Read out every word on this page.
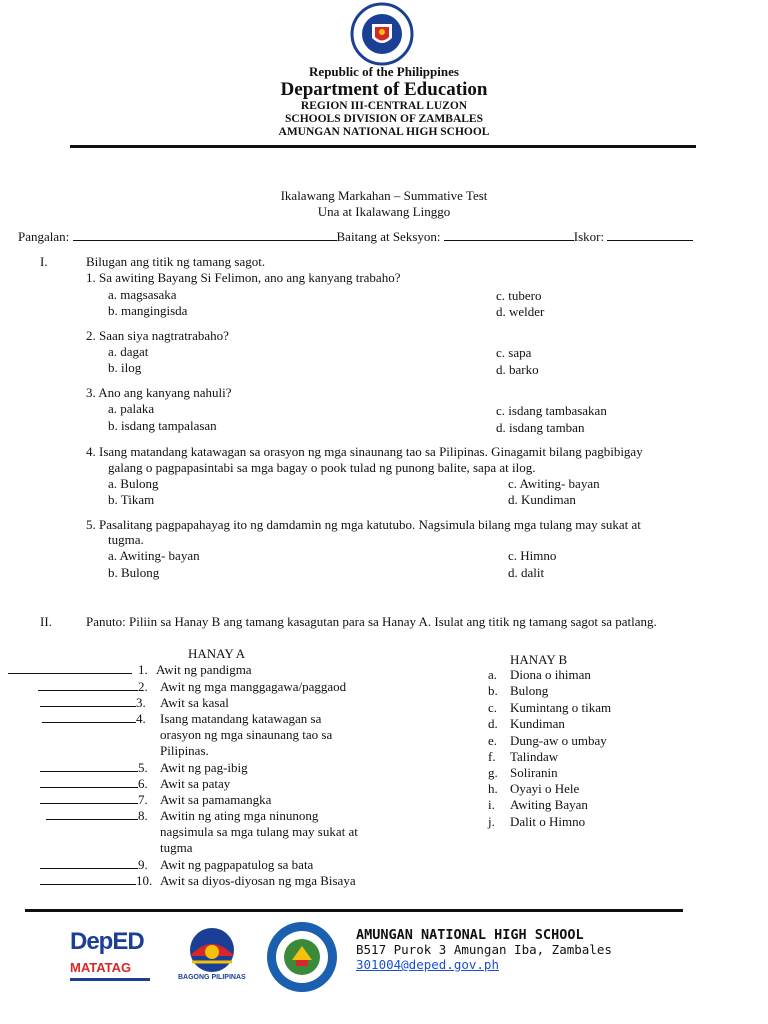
Republic of the Philippines
Department of Education
REGION III-CENTRAL LUZON
SCHOOLS DIVISION OF ZAMBALES
AMUNGAN NATIONAL HIGH SCHOOL
Ikalawang Markahan – Summative Test
Una at Ikalawang Linggo
Pangalan:	Baitang at Seksyon:	Iskor:
I.	Bilugan ang titik ng tamang sagot.
1. Sa awiting Bayang Si Felimon, ano ang kanyang trabaho?
a. magsasaka
b. mangingisda
c. tubero
d. welder
2. Saan siya nagtratrabaho?
a. dagat
b. ilog
c. sapa
d. barko
3. Ano ang kanyang nahuli?
a. palaka
b. isdang tampalasan
c. isdang tambasakan
d. isdang tamban
4. Isang matandang katawagan sa orasyon ng mga sinaunang tao sa Pilipinas. Ginagamit bilang pagbibigay
galang o pagpapasintabi sa mga bagay o pook tulad ng punong balite, sapa at ilog.
a. Bulong
b. Tikam
c. Awiting- bayan
d. Kundiman
5. Pasalitang pagpapahayag ito ng damdamin ng mga katutubo. Nagsimula bilang mga tulang may sukat at
tugma.
a. Awiting- bayan
b. Bulong
c. Himno
d. dalit
II.	Panuto: Piliin sa Hanay B ang tamang kasagutan para sa Hanay A. Isulat ang titik ng tamang sagot sa patlang.
HANAY A	HANAY B
1. Awit ng pandigma
2. Awit ng mga manggagawa/paggaod
3. Awit sa kasal
4. Isang matandang katawagan sa
orasyon ng mga sinaunang tao sa
Pilipinas.
5. Awit ng pag-ibig
6. Awit sa patay
7. Awit sa pamamangka
8. Awitin ng ating mga ninunong
nagsimula sa mga tulang may sukat at
tugma
9. Awit ng pagpapatulog sa bata
10. Awit sa diyos-diyosan ng mga Bisaya
a. Diona o ihiman
b. Bulong
c. Kumintang o tikam
d. Kundiman
e. Dung-aw o umbay
f. Talindaw
g. Soliranin
h. Oyayi o Hele
i. Awiting Bayan
j. Dalit o Himno
DepED
MATATAG
BAGONG PILIPINAS
AMUNGAN NATIONAL HIGH SCHOOL
B517 Purok 3 Amungan Iba, Zambales
301004@deped.gov.ph
